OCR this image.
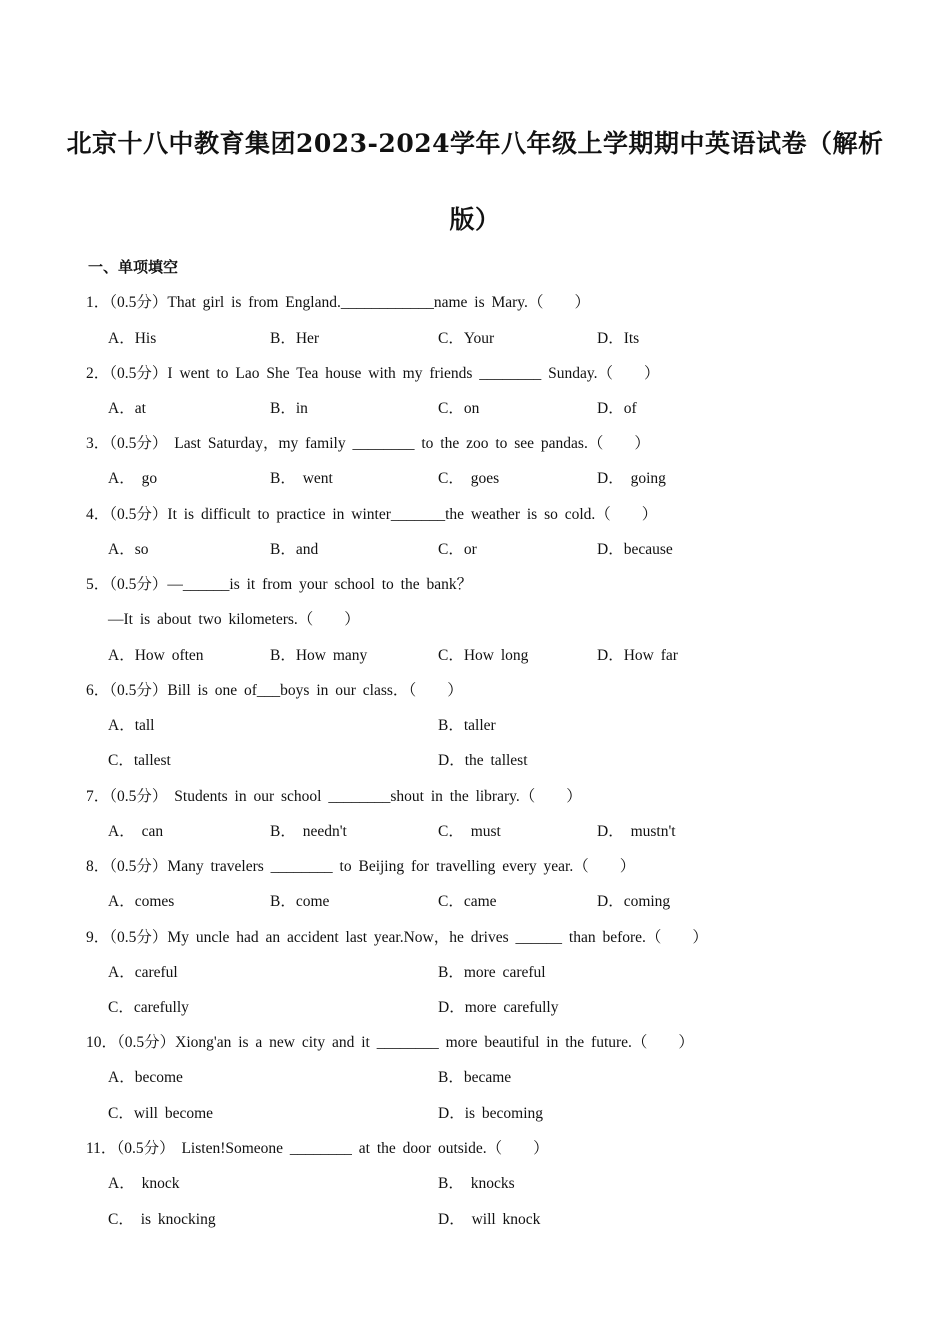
北京十八中教育集团2023-2024学年八年级上学期期中英语试卷（解析
版）
一、单项填空
1．（0.5分）That girl is from England.____________name is Mary.（　　）
A．His	B．Her	C．Your	D．Its
2．（0.5分）I went to Lao She Tea house with my friends ________ Sunday.（　　）
A．at	B．in	C．on	D．of
3．（0.5分） Last Saturday，my family ________ to the zoo to see pandas.（　　）
A． go	B． went	C． goes	D． going
4．（0.5分）It is difficult to practice in winter_______the weather is so cold.（　　）
A．so	B．and	C．or	D．because
5．（0.5分）—______is it from your school to the bank？
—It is about two kilometers.（　　）
A．How often	B．How many	C．How long	D．How far
6．（0.5分）Bill is one of___boys in our class．（　　）
A．tall	B．taller
C．tallest	D．the tallest
7．（0.5分） Students in our school ________shout in the library.（　　）
A． can	B． needn't	C． must	D． mustn't
8．（0.5分）Many travelers ________ to Beijing for travelling every year.（　　）
A．comes	B．come	C．came	D．coming
9．（0.5分）My uncle had an accident last year.Now，he drives ______ than before.（　　）
A．careful	B．more careful
C．carefully	D．more carefully
10．（0.5分）Xiong'an is a new city and it ________ more beautiful in the future.（　　）
A．become	B．became
C．will become	D．is becoming
11．（0.5分） Listen!Someone ________ at the door outside.（　　）
A． knock	B． knocks
C． is knocking	D． will knock
